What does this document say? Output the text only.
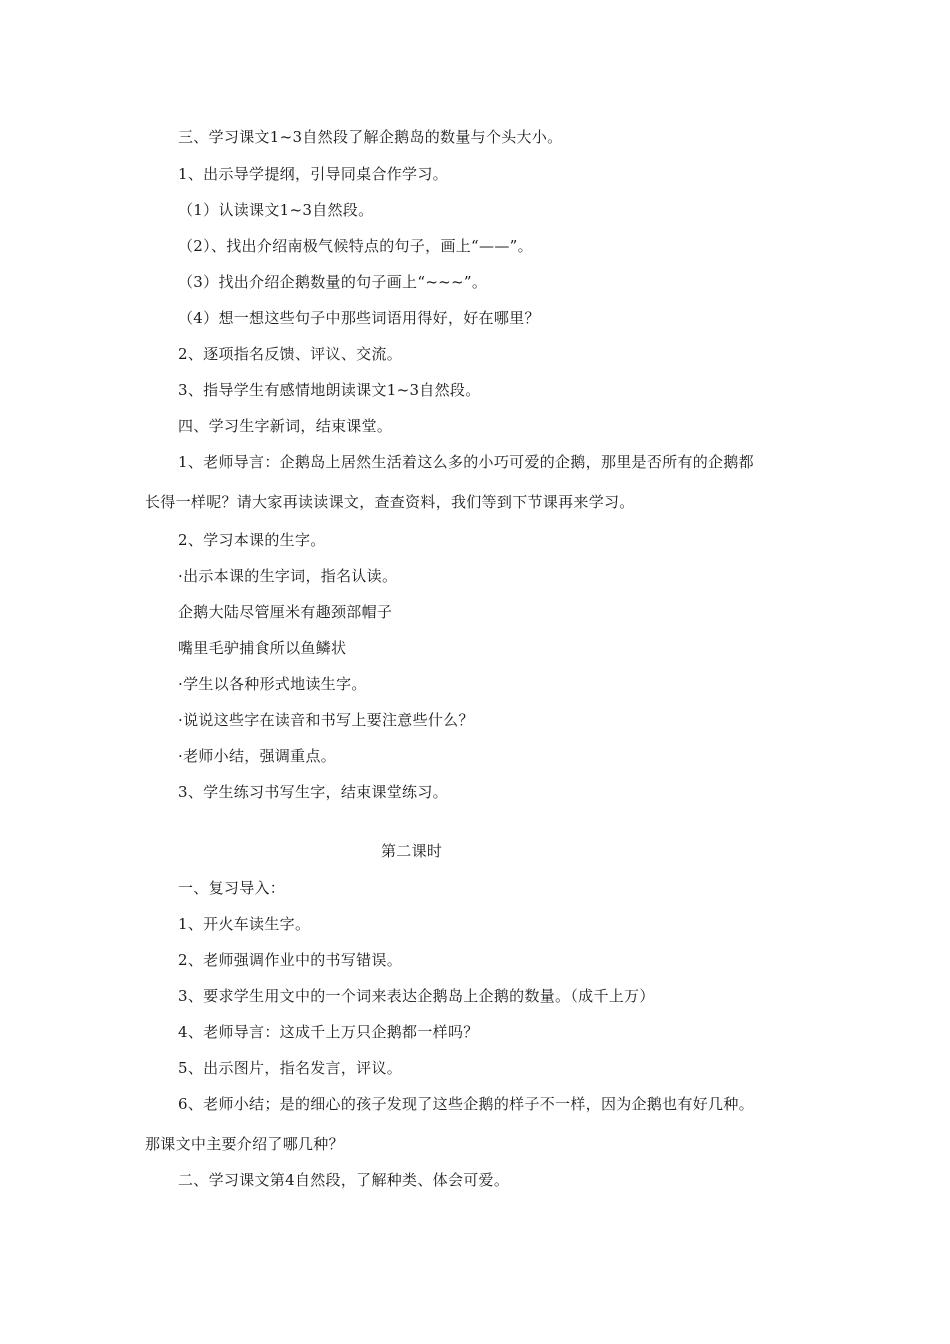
三、学习课文1~3自然段了解企鹅岛的数量与个头大小。
1、出示导学提纲，引导同桌合作学习。
（1）认读课文1~3自然段。
（2）、找出介绍南极气候特点的句子，画上“——”。
（3）找出介绍企鹅数量的句子画上“~~~”。
（4）想一想这些句子中那些词语用得好，好在哪里？
2、逐项指名反馈、评议、交流。
3、指导学生有感情地朗读课文1~3自然段。
四、学习生字新词，结束课堂。
1、老师导言：企鹅岛上居然生活着这么多的小巧可爱的企鹅，那里是否所有的企鹅都
长得一样呢？请大家再读读课文，查查资料，我们等到下节课再来学习。
2、学习本课的生字。
·出示本课的生字词，指名认读。
企鹅大陆尽管厘米有趣颈部帽子
嘴里毛驴捕食所以鱼鳞状
·学生以各种形式地读生字。
·说说这些字在读音和书写上要注意些什么？
·老师小结，强调重点。
3、学生练习书写生字，结束课堂练习。
第二课时
一、复习导入：
1、开火车读生字。
2、老师强调作业中的书写错误。
3、要求学生用文中的一个词来表达企鹅岛上企鹅的数量。（成千上万）
4、老师导言：这成千上万只企鹅都一样吗？
5、出示图片，指名发言，评议。
6、老师小结；是的细心的孩子发现了这些企鹅的样子不一样，因为企鹅也有好几种。
那课文中主要介绍了哪几种？
二、学习课文第4自然段，了解种类、体会可爱。
